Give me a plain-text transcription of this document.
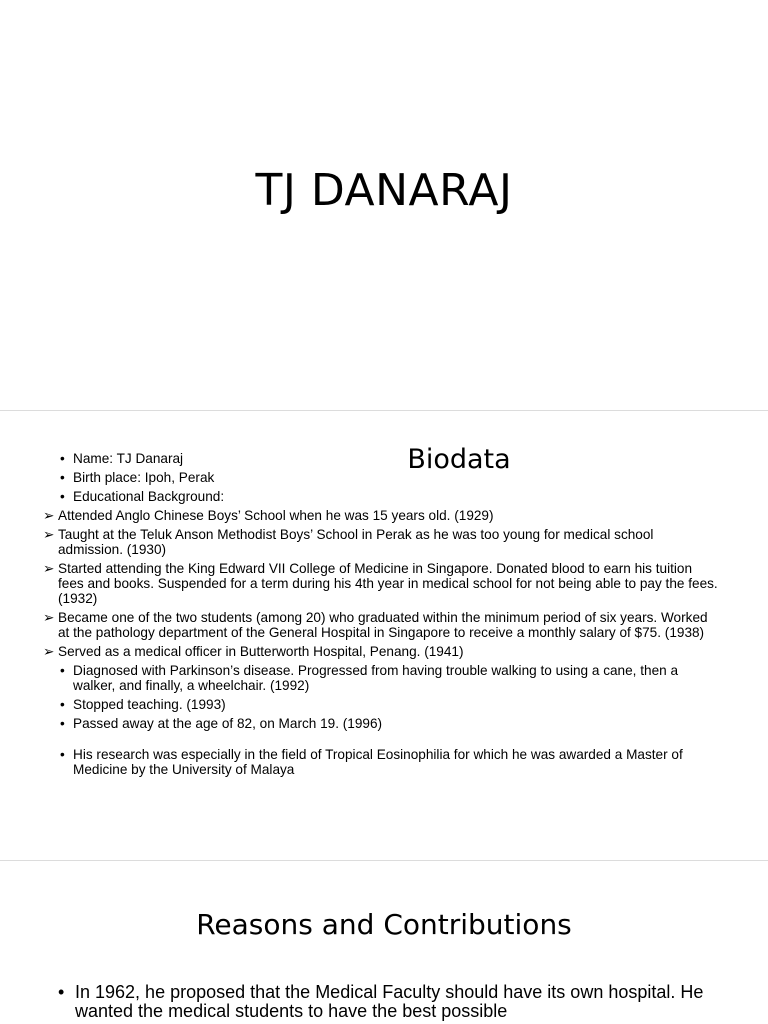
TJ DANARAJ
Biodata
• Name: TJ Danaraj
• Birth place: Ipoh, Perak
• Educational Background:
➢ Attended Anglo Chinese Boys’ School when he was 15 years old. (1929)
➢ Taught at the Teluk Anson Methodist Boys’ School in Perak as he was too young for medical school admission. (1930)
➢ Started attending the King Edward VII College of Medicine in Singapore. Donated blood to earn his tuition fees and books. Suspended for a term during his 4th year in medical school for not being able to pay the fees. (1932)
➢ Became one of the two students (among 20) who graduated within the minimum period of six years. Worked at the pathology department of the General Hospital in Singapore to receive a monthly salary of $75. (1938)
➢ Served as a medical officer in Butterworth Hospital, Penang. (1941)
• Diagnosed with Parkinson’s disease. Progressed from having trouble walking to using a cane, then a walker, and finally, a wheelchair. (1992)
• Stopped teaching. (1993)
• Passed away at the age of 82, on March 19. (1996)
• His research was especially in the field of Tropical Eosinophilia for which he was awarded a Master of Medicine by the University of Malaya
Reasons and Contributions
• In 1962, he proposed that the Medical Faculty should have its own hospital. He wanted the medical students to have the best possible
